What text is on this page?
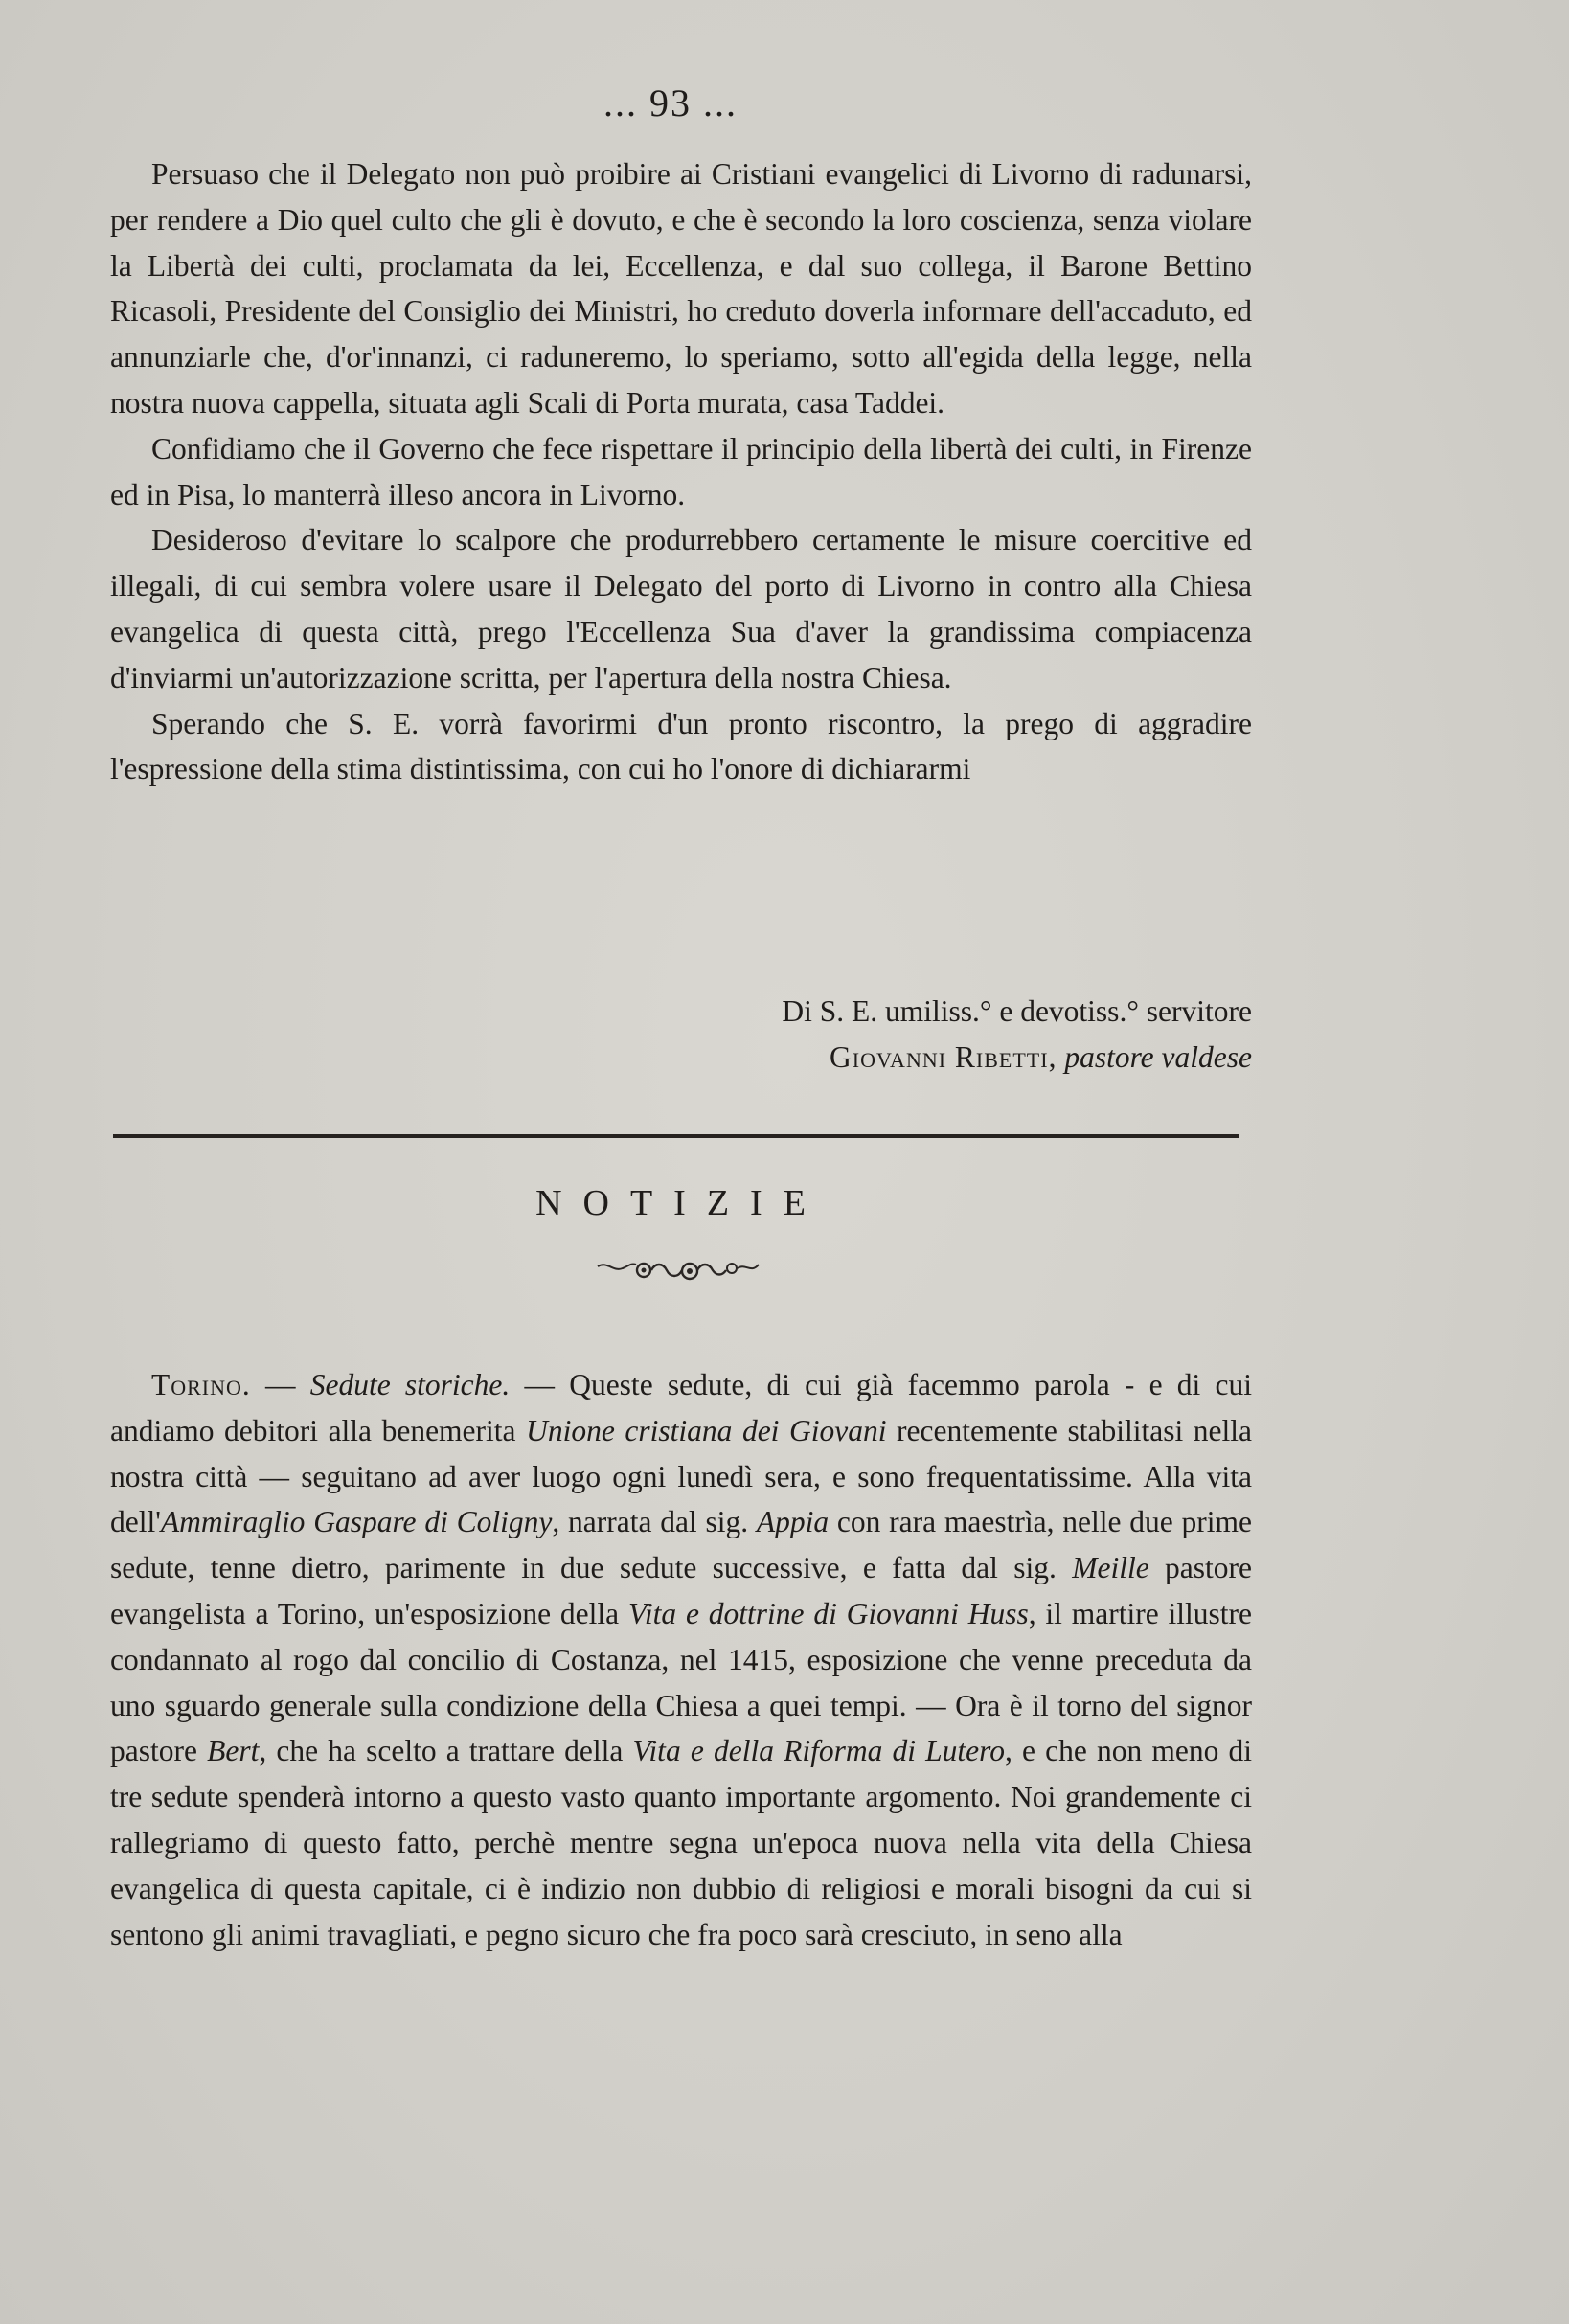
... 93 ...

Persuaso che il Delegato non può proibire ai Cristiani evangelici di Livorno di radunarsi, per rendere a Dio quel culto che gli è dovuto, e che è secondo la loro coscienza, senza violare la Libertà dei culti, proclamata da lei, Eccellenza, e dal suo collega, il Barone Bettino Ricasoli, Presidente del Consiglio dei Ministri, ho creduto doverla informare dell'accaduto, ed annunziarle che, d'or'innanzi, ci raduneremo, lo speriamo, sotto all'egida della legge, nella nostra nuova cappella, situata agli Scali di Porta murata, casa Taddei.

Confidiamo che il Governo che fece rispettare il principio della libertà dei culti, in Firenze ed in Pisa, lo manterrà illeso ancora in Livorno.

Desideroso d'evitare lo scalpore che produrrebbero certamente le misure coercitive ed illegali, di cui sembra volere usare il Delegato del porto di Livorno in contro alla Chiesa evangelica di questa città, prego l'Eccellenza Sua d'aver la grandissima compiacenza d'inviarmi un'autorizzazione scritta, per l'apertura della nostra Chiesa.

Sperando che S. E. vorrà favorirmi d'un pronto riscontro, la prego di aggradire l'espressione della stima distintissima, con cui ho l'onore di dichiararmi

Di S. E. umiliss.° e devotiss.° servitore
Giovanni Ribetti, pastore valdese
NOTIZIE

Torino. — Sedute storiche. — Queste sedute, di cui già facemmo parola - e di cui andiamo debitori alla benemerita Unione cristiana dei Giovani recentemente stabilitasi nella nostra città — seguitano ad aver luogo ogni lunedì sera, e sono frequentatissime. Alla vita dell'Ammiraglio Gaspare di Coligny, narrata dal sig. Appia con rara maestrìa, nelle due prime sedute, tenne dietro, parimente in due sedute successive, e fatta dal sig. Meille pastore evangelista a Torino, un'esposizione della Vita e dottrine di Giovanni Huss, il martire illustre condannato al rogo dal concilio di Costanza, nel 1415, esposizione che venne preceduta da uno sguardo generale sulla condizione della Chiesa a quei tempi. — Ora è il torno del signor pastore Bert, che ha scelto a trattare della Vita e della Riforma di Lutero, e che non meno di tre sedute spenderà intorno a questo vasto quanto importante argomento. Noi grandemente ci rallegriamo di questo fatto, perchè mentre segna un'epoca nuova nella vita della Chiesa evangelica di questa capitale, ci è indizio non dubbio di religiosi e morali bisogni da cui si sentono gli animi travagliati, e pegno sicuro che fra poco sarà cresciuto, in seno alla
